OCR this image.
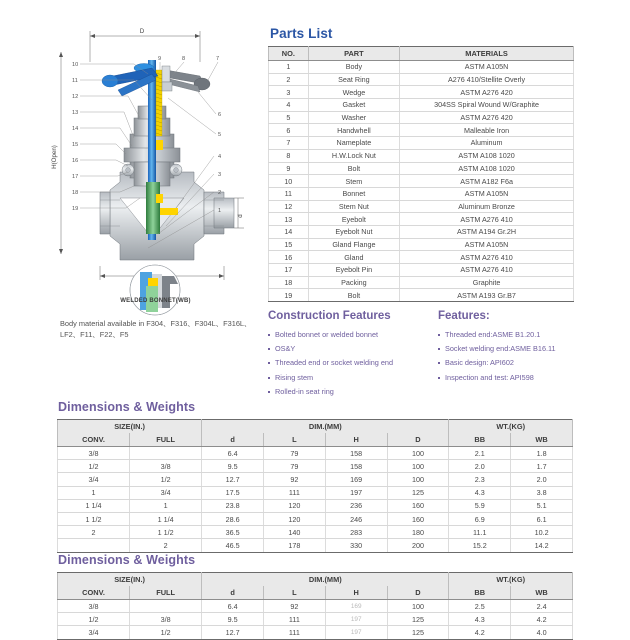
D
H(Open)
10
11
12
13
14
15
16
17
18
19
9	8	7
6
5
4
3
2
1
d
WELDED BONNET(WB)
Body material available in F304、F316、F304L、F316L、LF2、F11、F22、F5
Parts List
NO.	PART	MATERIALS
1	Body	ASTM A105N
2	Seat Ring	A276 410/Stellite Overly
3	Wedge	ASTM A276 420
4	Gasket	304SS Spiral Wound W/Graphite
5	Washer	ASTM A276 420
6	Handwhell	Malleable Iron
7	Nameplate	Aluminum
8	H.W.Lock Nut	ASTM A108 1020
9	Bolt	ASTM A108 1020
10	Stem	ASTM A182 F6a
11	Bonnet	ASTM A105N
12	Stem Nut	Aluminum Bronze
13	Eyebolt	ASTM A276 410
14	Eyebolt Nut	ASTM A194 Gr.2H
15	Gland Flange	ASTM A105N
16	Gland	ASTM A276 410
17	Eyebolt Pin	ASTM A276 410
18	Packing	Graphite
19	Bolt	ASTM A193 Gr.B7
Construction Features
Bolted bonnet or welded bonnet
OS&Y
Threaded end or socket welding end
Rising stem
Rolled-in seat ring
Features:
Threaded end:ASME B1.20.1
Socket welding end:ASME B16.11
Basic design: API602
Inspection and test: API598
Dimensions & Weights
SIZE(IN.)		DIM.(MM)				WT.(KG)	
CONV.	FULL	d	L	H	D	BB	WB
3/8		6.4	79	158	100	2.1	1.8
1/2	3/8	9.5	79	158	100	2.0	1.7
3/4	1/2	12.7	92	169	100	2.3	2.0
1	3/4	17.5	111	197	125	4.3	3.8
1 1/4	1	23.8	120	236	160	5.9	5.1
1 1/2	1 1/4	28.6	120	246	160	6.9	6.1
2	1 1/2	36.5	140	283	180	11.1	10.2
	2	46.5	178	330	200	15.2	14.2
Dimensions & Weights
SIZE(IN.)		DIM.(MM)				WT.(KG)	
CONV.	FULL	d	L	H	D	BB	WB
3/8		6.4	92	169	100	2.5	2.4
1/2	3/8	9.5	111	197	125	4.3	4.2
3/4	1/2	12.7	111	197	125	4.2	4.0
